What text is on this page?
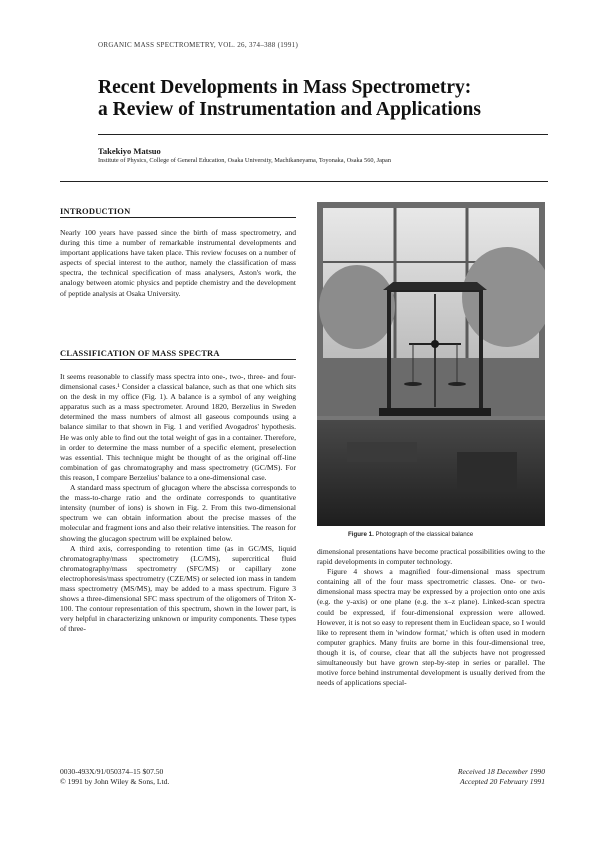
ORGANIC MASS SPECTROMETRY, VOL. 26, 374–388 (1991)
Recent Developments in Mass Spectrometry:
a Review of Instrumentation and Applications
Takekiyo Matsuo
Institute of Physics, College of General Education, Osaka University, Machikaneyama, Toyonaka, Osaka 560, Japan
INTRODUCTION

Nearly 100 years have passed since the birth of mass spectrometry, and during this time a number of remarkable instrumental developments and important applications have taken place. This review focuses on a number of aspects of special interest to the author, namely the classification of mass spectra, the technical specification of mass analysers, Aston's work, the analogy between atomic physics and peptide chemistry and the development of peptide analysis at Osaka University.

CLASSIFICATION OF MASS SPECTRA

It seems reasonable to classify mass spectra into one-, two-, three- and four-dimensional cases.¹ Consider a classical balance, such as that one which sits on the desk in my office (Fig. 1). A balance is a symbol of any weighing apparatus such as a mass spectrometer. Around 1820, Berzelius in Sweden determined the mass numbers of almost all gaseous compounds using a balance similar to that shown in Fig. 1 and verified Avogadros' hypothesis. He was only able to find out the total weight of gas in a container. Therefore, in order to determine the mass number of a specific element, preselection was essential. This technique might be thought of as the original off-line combination of gas chromatography and mass spectrometry (GC/MS). For this reason, I compare Berzelius' balance to a one-dimensional case.

A standard mass spectrum of glucagon where the abscissa corresponds to the mass-to-charge ratio and the ordinate corresponds to quantitative intensity (number of ions) is shown in Fig. 2. From this two-dimensional spectrum we can obtain information about the precise masses of the molecular and fragment ions and also their relative intensities. The reason for showing the glucagon spectrum will be explained below.

A third axis, corresponding to retention time (as in GC/MS, liquid chromatography/mass spectrometry (LC/MS), supercritical fluid chromatography/mass spectrometry (SFC/MS) or capillary zone electrophoresis/mass spectrometry (CZE/MS) or selected ion mass in tandem mass spectrometry (MS/MS), may be added to a mass spectrum. Figure 3 shows a three-dimensional SFC mass spectrum of the oligomers of Triton X-100. The contour representation of this spectrum, shown in the lower part, is very helpful in characterizing unknown or impurity components. These types of three-

Figure 1. Photograph of the classical balance

dimensional presentations have become practical possibilities owing to the rapid developments in computer technology.

Figure 4 shows a magnified four-dimensional mass spectrum containing all of the four mass spectrometric classes. One- or two-dimensional mass spectra may be expressed by a projection onto one axis (e.g. the y-axis) or one plane (e.g. the x–z plane). Linked-scan spectra could be expressed, if four-dimensional expression were allowed. However, it is not so easy to represent them in Euclidean space, so I would like to represent them in 'window format,' which is often used in modern computer graphics. Many fruits are borne in this four-dimensional tree, though it is, of course, clear that all the subjects have not progressed simultaneously but have grown step-by-step in series or parallel. The motive force behind instrumental development is usually derived from the needs of applications special-

0030-493X/91/050374–15 $07.50
© 1991 by John Wiley & Sons, Ltd.
Received 18 December 1990
Accepted 20 February 1991
